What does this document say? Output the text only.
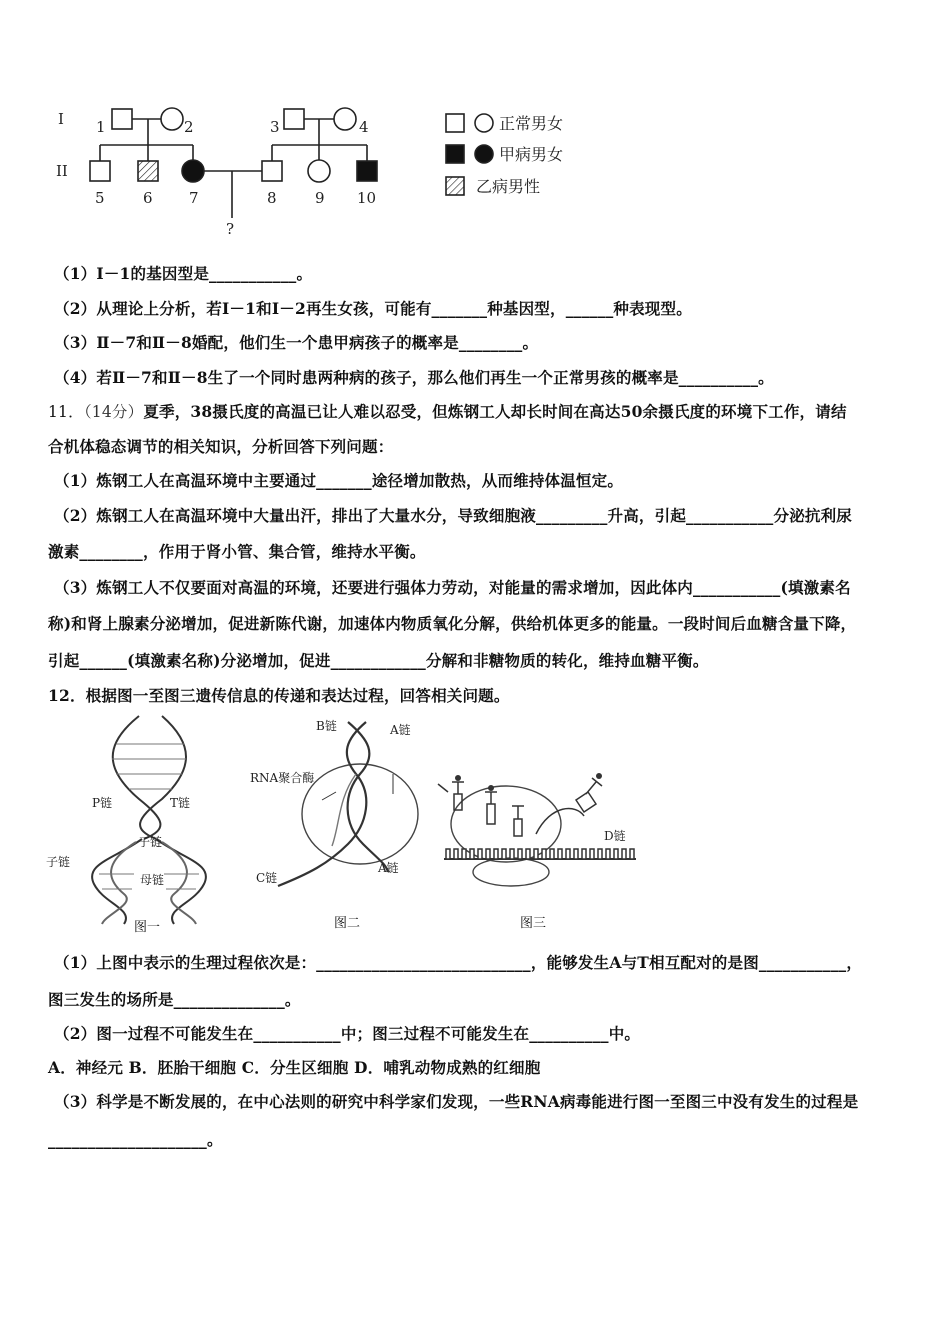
I
II
1	2	3	4
5	6 7	8	9 10
?
正常男女
甲病男女
乙病男性
（1）Ⅰ－1的基因型是___________。
（2）从理论上分析，若Ⅰ－1和Ⅰ－2再生女孩，可能有_______种基因型，______种表现型。
（3）Ⅱ－7和Ⅱ－8婚配，他们生一个患甲病孩子的概率是________。
（4）若Ⅱ－7和Ⅱ－8生了一个同时患两种病的孩子，那么他们再生一个正常男孩的概率是__________。
11．（14分）夏季，38摄氏度的高温已让人难以忍受，但炼钢工人却长时间在高达50余摄氏度的环境下工作，请结
合机体稳态调节的相关知识，分析回答下列问题：
（1）炼钢工人在高温环境中主要通过_______途径增加散热，从而维持体温恒定。
（2）炼钢工人在高温环境中大量出汗，排出了大量水分，导致细胞液_________升高，引起___________分泌抗利尿
激素________，作用于肾小管、集合管，维持水平衡。
（3）炼钢工人不仅要面对高温的环境，还要进行强体力劳动，对能量的需求增加，因此体内___________(填激素名
称)和肾上腺素分泌增加，促进新陈代谢，加速体内物质氧化分解，供给机体更多的能量。一段时间后血糖含量下降，
引起______(填激素名称)分泌增加，促进____________分解和非糖物质的转化，维持血糖平衡。
12．根据图一至图三遗传信息的传递和表达过程，回答相关问题。
P链	T链
子链
子链
母链
图一
B链	A链
RNA聚合酶
C链
A链
图二
D链
图三
（1）上图中表示的生理过程依次是：___________________________，能够发生A与T相互配对的是图___________，
图三发生的场所是______________。
（2）图一过程不可能发生在___________中；图三过程不可能发生在__________中。
A．神经元 B．胚胎干细胞 C．分生区细胞 D．哺乳动物成熟的红细胞
（3）科学是不断发展的，在中心法则的研究中科学家们发现，一些RNA病毒能进行图一至图三中没有发生的过程是
____________________。
